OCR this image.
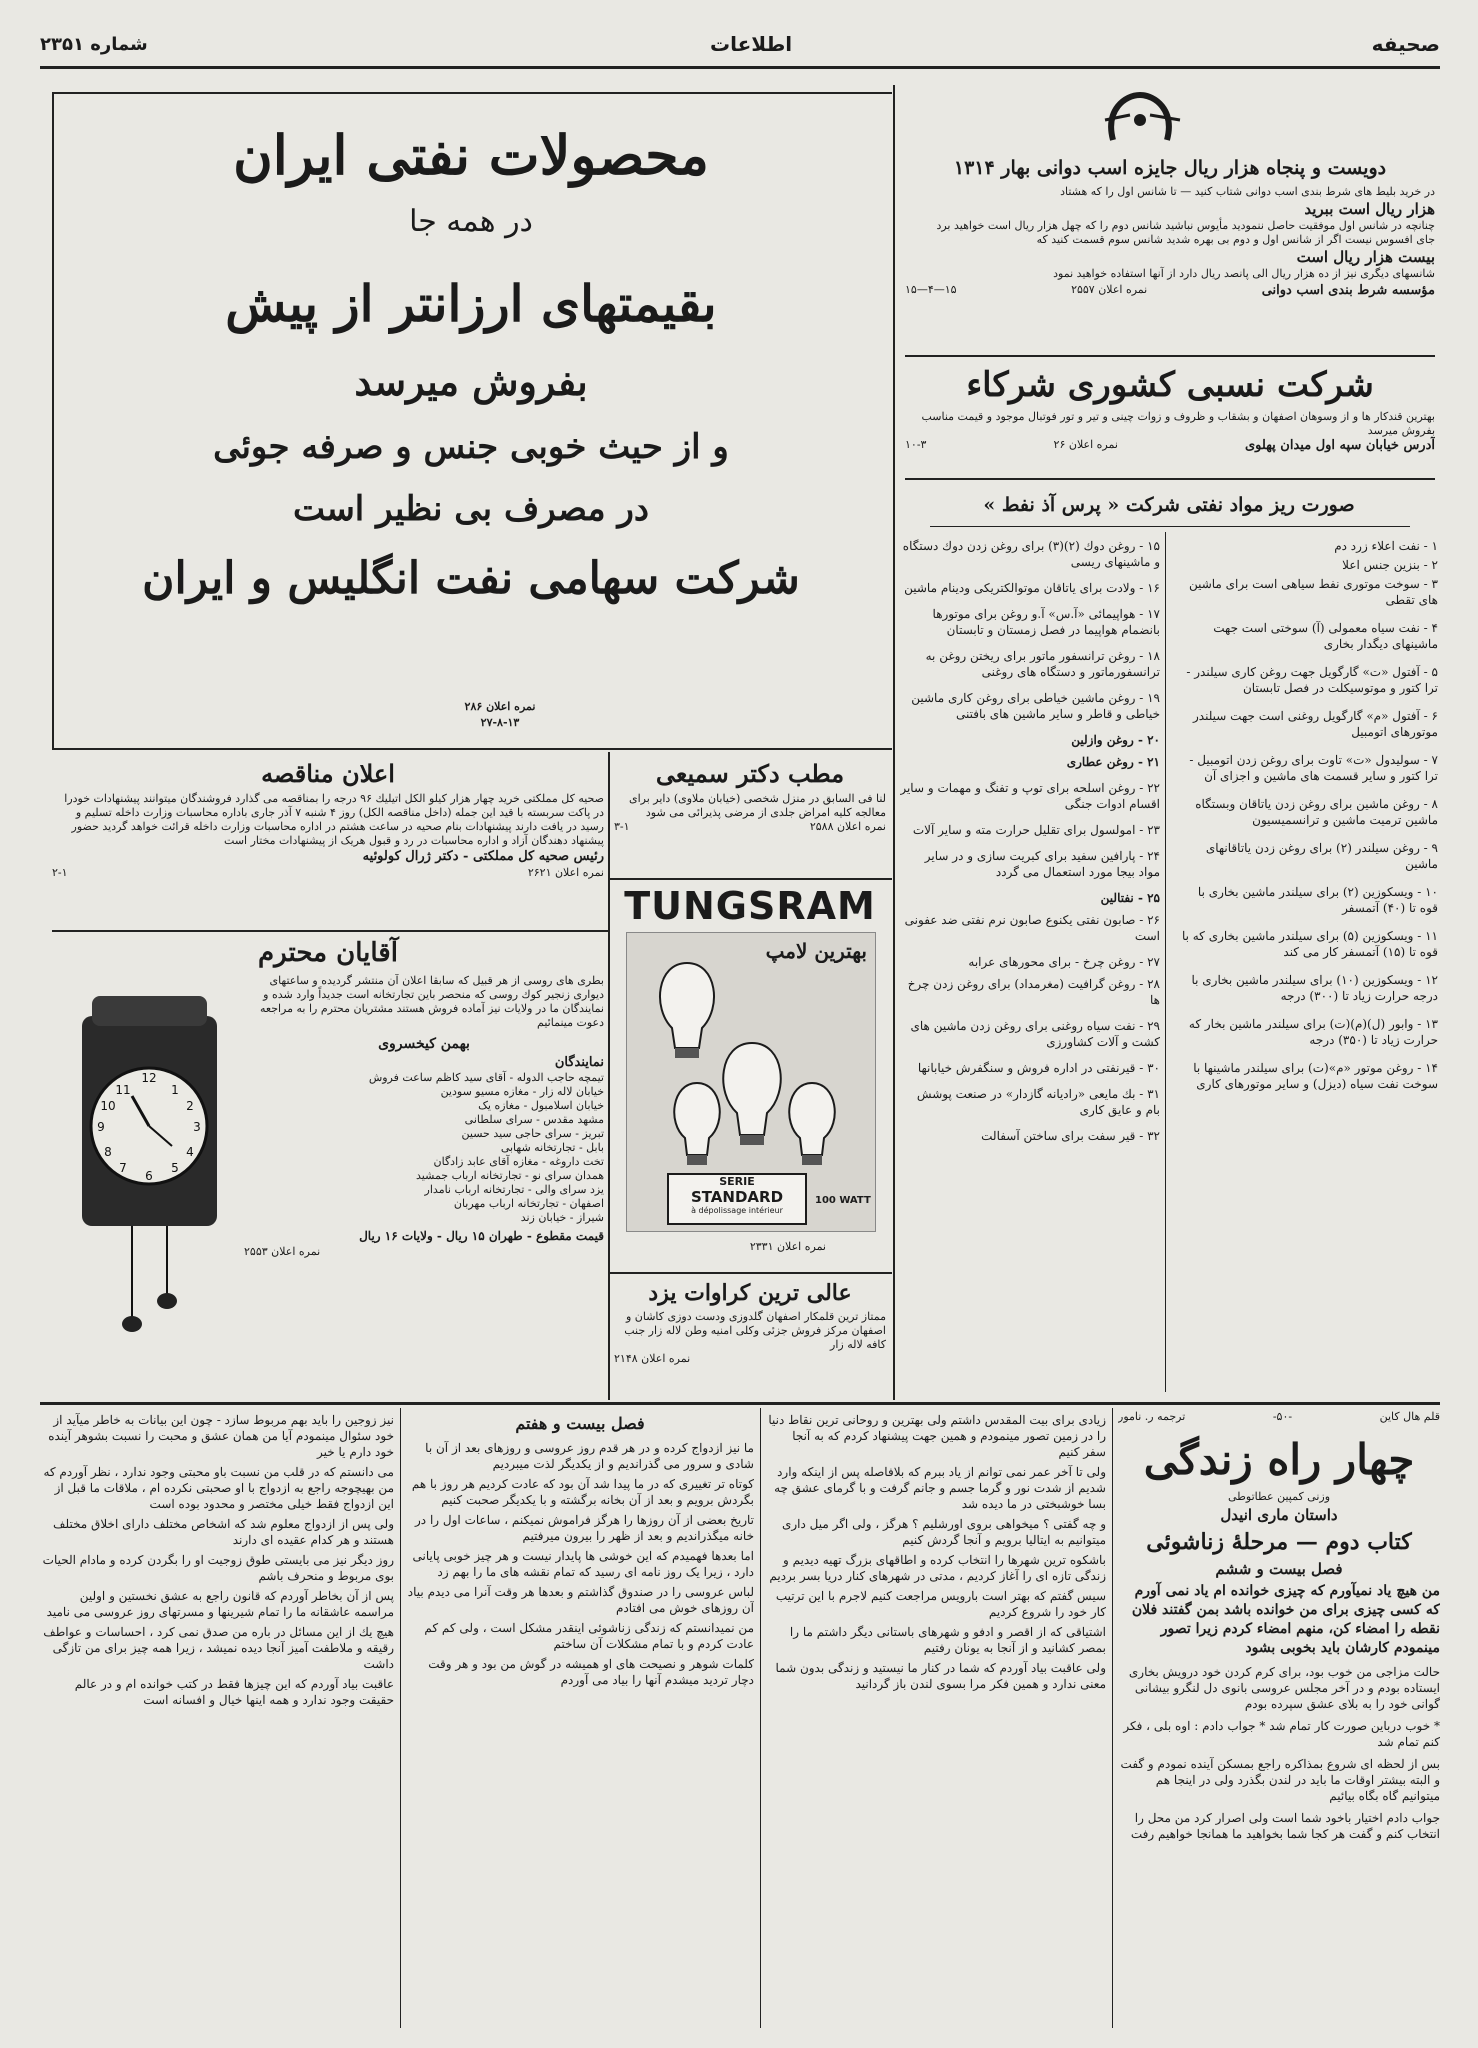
شماره ۲۳۵۱	اطلاعات	صحیفه
محصولات نفتی ایران
در همه جا
بقیمتهای ارزانتر از پیش
بفروش میرسد
و از حیث خوبی جنس و صرفه جوئی
در مصرف بی نظیر است
شرکت سهامی نفت انگلیس و ایران
نمره اعلان ۲۸۶
۲۷-۸-۱۳
دویست و پنجاه هزار ریال جایزه اسب دوانی بهار ۱۳۱۴
در خرید بلیط های شرط بندی اسب دوانی شتاب کنید — تا شانس اول را که هشتاد
هزار ریال است ببرید
چنانچه در شانس اول موفقیت حاصل ننمودید مأیوس نباشید شانس دوم را که چهل هزار ریال است خواهید برد
جای افسوس نیست اگر از شانس اول و دوم بی بهره شدید شانس سوم قسمت کنید که
بیست هزار ریال است
شانسهای دیگری نیز از ده هزار ریال الی پانصد ریال دارد از آنها استفاده خواهید نمود
مؤسسه شرط بندی اسب دوانی
نمره اعلان ۲۵۵۷
۱۵—۴—۱۵
شرکت نسبی کشوری شرکاء
بهترین قندکار ها و از وسوهان اصفهان و بشقاب و ظروف و زوات چینی و تیر و تور فوتبال موجود و قیمت مناسب بفروش میرسد
آدرس خیابان سپه اول میدان پهلوی
نمره اعلان ۲۶
۱۰-۳
صورت ریز مواد نفتی شرکت « پرس آذ نفط »
۱ - نفت اعلاء زرد دم
۲ - بنزین جنس اعلا
۳ - سوخت موتوری نفط سیاهی است برای ماشین های تقطی
۴ - نفت سیاه معمولی (آ) سوختی است جهت ماشینهای دیگدار بخاری
۵ - آفتول «ت» گارگویل جهت روغن کاری سیلندر - ترا کتور و موتوسیکلت در فصل تابستان
۶ - آفتول «م» گارگویل روغنی است جهت سیلندر موتورهای اتومبیل
۷ - سولیدول «ت» تاوت برای روغن زدن اتومبیل - ترا کتور و سایر قسمت های ماشین و اجزای آن
۸ - روغن ماشین برای روغن زدن یاتاقان وبستگاه ماشین ترمیت ماشین و ترانسمیسیون
۹ - روغن سیلندر (۲) برای روغن زدن یاتاقانهای ماشین
۱۰ - ویسکوزین (۲) برای سیلندر ماشین بخاری با قوه تا (۴۰) آتمسفر
۱۱ - ویسکوزین (۵) برای سیلندر ماشین بخاری که با قوه تا (۱۵) آتمسفر کار می کند
۱۲ - ویسکوزین (۱۰) برای سیلندر ماشین بخاری با درجه حرارت زیاد تا (۳۰۰) درجه
۱۳ - وابور (ل)(م)(ت) برای سیلندر ماشین بخار که حرارت زیاد تا (۳۵۰) درجه
۱۴ - روغن موتور «م»(ت) برای سیلندر ماشینها با سوخت نفت سیاه (دیزل) و سایر موتورهای کاری
۱۵ - روغن دوك (۲)(۳) برای روغن زدن دوك دستگاه و ماشینهای ریسی
۱۶ - ولادت برای یاتاقان موتوالکتریکی ودینام ماشین
۱۷ - هواپیمائی «آ.س» آ.و روغن برای موتورها بانضمام هواپیما در فصل زمستان و تابستان
۱۸ - روغن ترانسفور ماتور برای ریختن روغن به ترانسفورماتور و دستگاه های روغنی
۱۹ - روغن ماشین خیاطی برای روغن کاری ماشین خیاطی و قاطر و سایر ماشین های بافتنی
۲۰ - روغن وازلین
۲۱ - روغن عطاری
۲۲ - روغن اسلحه برای توپ و تفنگ و مهمات و سایر اقسام ادوات جنگی
۲۳ - امولسول برای تقلیل حرارت مته و سایر آلات
۲۴ - پارافین سفید برای کبریت سازی و در سایر مواد بیجا مورد استعمال می گردد
۲۵ - نفتالین
۲۶ - صابون نفتی یکنوع صابون نرم نفتی ضد عفونی است
۲۷ - روغن چرخ - برای محورهای عرابه
۲۸ - روغن گرافیت (مغرمداد) برای روغن زدن چرخ ها
۲۹ - نفت سیاه روغنی برای روغن زدن ماشین های کشت و آلات کشاورزی
۳۰ - قیرنفتی در اداره فروش و سنگفرش خیابانها
۳۱ - بك مایعی «رادیانه گازدار» در صنعت پوشش بام و عایق کاری
۳۲ - قیر سفت برای ساختن آسفالت
اعلان مناقصه
صحیه کل مملکتی خرید چهار هزار کیلو الکل اتیلیك ۹۶ درجه را بمناقصه می گذارد فروشندگان میتوانند پیشنهادات خودرا در پاکت سربسته با قید این جمله (داخل مناقصه الکل) روز ۴ شنبه ۷ آذر جاری باداره محاسبات وزارت داخله تسلیم و رسید در یافت دارند پیشنهادات بنام صحیه در ساعت هشتم در اداره محاسبات وزارت داخله قرائت خواهد گردید حضور پیشنهاد دهندگان آزاد و اداره محاسبات در رد و قبول هریک از پیشنهادات مختار است
رئیس صحیه کل مملکتی - دکتر ژرال کولوئیه
نمره اعلان ۲۶۲۱
۲-۱
مطب دکتر سمیعی
لنا فی السابق در منزل شخصی (خیابان ملاوی) دایر برای معالجه کلیه امراض جلدی از مرضی پذیرائی می شود
نمره اعلان ۲۵۸۸
۳-۱
TUNGSRAM
بهترین لامپ
SERIE
STANDARD
à dépolissage intérieur
100 WATT
نمره اعلان ۲۳۳۱
عالی ترین کراوات یزد
ممتاز ترین قلمکار اصفهان گلدوزی ودست دوزی کاشان و اصفهان مرکز فروش جزئی وکلی امنیه وطن لاله زار جنب کافه لاله زار
نمره اعلان ۲۱۴۸
آقایان محترم
12
6
3
9
1
2
4
5
7
8
10
11
بطری های روسی از هر قبیل که سابقا اعلان آن منتشر گردیده و ساعتهای دیواری زنجیر کوك روسی که منحصر باین تجارتخانه است جدیداً وارد شده و نمایندگان ما در ولایات نیز آماده فروش هستند مشتریان محترم را به مراجعه دعوت مینمائیم
بهمن کیخسروی
نمایندگان
تیمچه حاجب الدوله - آقای سید کاظم ساعت فروش
خیابان لاله زار - مغازه مسیو سودین
خیابان اسلامبول - مغازه یک
مشهد مقدس - سرای سلطانی
تبریز - سرای حاجی سید حسین
بابل - تجارتخانه شهابی
تخت داروغه - مغازه آقای عابد زادگان
همدان سرای نو - تجارتخانه ارباب جمشید
یزد سرای والی - تجارتخانه ارباب نامدار
اصفهان - تجارتخانه ارباب مهربان
شیراز - خیابان زند
قیمت مقطوع - طهران ۱۵ ریال - ولایات ۱۶ ریال
نمره اعلان ۲۵۵۳
قلم هال کاین
-۵۰-
ترجمه ر. نامور
چهار راه زندگی
وزنی کمپین عطاتوطی
داستان ماری انیدل
کتاب دوم — مرحلهٔ زناشوئی
فصل بیست و ششم
من هیچ یاد نمیآورم که چیزی خوانده ام یاد نمی آورم که کسی چیزی برای من خوانده باشد بمن گفتند فلان نقطه را امضاء کن، منهم امضاء کردم زیرا تصور مینمودم کارشان باید بخوبی بشود
حالت مزاجی من خوب بود، برای کرم کردن خود درویش بخاری ایستاده بودم و در آخر مجلس عروسی بانوی دل لنگرو بیشانی گوانی خود را به بلای عشق سپرده بودم
* خوب درباین صورت کار تمام شد * جواب دادم : اوه بلی ، فکر کنم تمام شد
بس از لحظه ای شروع بمذاکره راجع بمسکن آینده نمودم و گفت و البته بیشتر اوقات ما باید در لندن بگذرد ولی در اینجا هم میتوانیم گاه بگاه بیائیم
جواب دادم اختیار باخود شما است ولی اصرار کرد من محل را انتخاب کنم و گفت هر کجا شما بخواهید ما همانجا خواهیم رفت

زیادی برای بیت المقدس داشتم ولی بهترین و روحانی ترین نقاط دنیا را در زمین تصور مینمودم و همین جهت پیشنهاد کردم که به آنجا سفر کنیم

ولی تا آخر عمر نمی توانم از یاد ببرم که بلافاصله پس از اینکه وارد شدیم از شدت نور و گرما جسم و جانم گرفت و با گرمای عشق چه بسا خوشبختی در ما دیده شد

و چه گفتی ؟ میخواهی بروی اورشلیم ؟ هرگز ، ولی اگر میل داری میتوانیم به ایتالیا برویم و آنجا گردش کنیم

باشکوه ترین شهرها را انتخاب کرده و اطاقهای بزرگ تهیه دیدیم و زندگی تازه ای را آغاز کردیم ، مدتی در شهرهای کنار دریا بسر بردیم

سیس گفتم که بهتر است بارویس مراجعت کنیم لاجرم با این ترتیب کار خود را شروع کردیم

اشتیاقی که از اقصر و ادفو و شهرهای باستانی دیگر داشتم ما را بمصر کشانید و از آنجا به یونان رفتیم

ولی عاقبت بیاد آوردم که شما در کنار ما نیستید و زندگی بدون شما معنی ندارد و همین فکر مرا بسوی لندن باز گردانید

فصل بیست و هفتم

ما نیز ازدواج کرده و در هر قدم روز عروسی و روزهای بعد از آن با شادی و سرور می گذراندیم و از یکدیگر لذت میبردیم

کوتاه تر تغییری که در ما پیدا شد آن بود که عادت کردیم هر روز با هم بگردش برویم و بعد از آن بخانه برگشته و با یکدیگر صحبت کنیم

تاریخ بعضی از آن روزها را هرگز فراموش نمیکنم ، ساعات اول را در خانه میگذراندیم و بعد از ظهر را بیرون میرفتیم

اما بعدها فهمیدم که این خوشی ها پایدار نیست و هر چیز خوبی پایانی دارد ، زیرا یک روز نامه ای رسید که تمام نقشه های ما را بهم زد

لباس عروسی را در صندوق گذاشتم و بعدها هر وقت آنرا می دیدم بیاد آن روزهای خوش می افتادم

من نمیدانستم که زندگی زناشوئی اینقدر مشکل است ، ولی کم کم عادت کردم و با تمام مشکلات آن ساختم

کلمات شوهر و نصیحت های او همیشه در گوش من بود و هر وقت دچار تردید میشدم آنها را بیاد می آوردم

نیز زوجین را باید بهم مربوط سازد - چون این بیانات به خاطر میآید از خود سئوال مینمودم آیا من همان عشق و محبت را نسبت بشوهر آینده خود دارم یا خیر

می دانستم که در قلب من نسبت باو محبتی وجود ندارد ، نظر آوردم که من بهیچوجه راجع به ازدواج با او صحبتی نکرده ام ، ملاقات ما قبل از این ازدواج فقط خیلی مختصر و محدود بوده است

ولی پس از ازدواج معلوم شد که اشخاص مختلف دارای اخلاق مختلف هستند و هر کدام عقیده ای دارند

روز دیگر نیز می بایستی طوق زوجیت او را بگردن کرده و مادام الحیات بوی مربوط و منحرف باشم

پس از آن بخاطر آوردم که قانون راجع به عشق نخستین و اولین مراسمه عاشقانه ما را تمام شیرینها و مسرتهای روز عروسی می نامید

هیچ یك از این مسائل در باره من صدق نمی کرد ، احساسات و عواطف رقیقه و ملاطفت آمیز آنجا دیده نمیشد ، زیرا همه چیز برای من تازگی داشت

عاقبت بیاد آوردم که این چیزها فقط در کتب خوانده ام و در عالم حقیقت وجود ندارد و همه اینها خیال و افسانه است
